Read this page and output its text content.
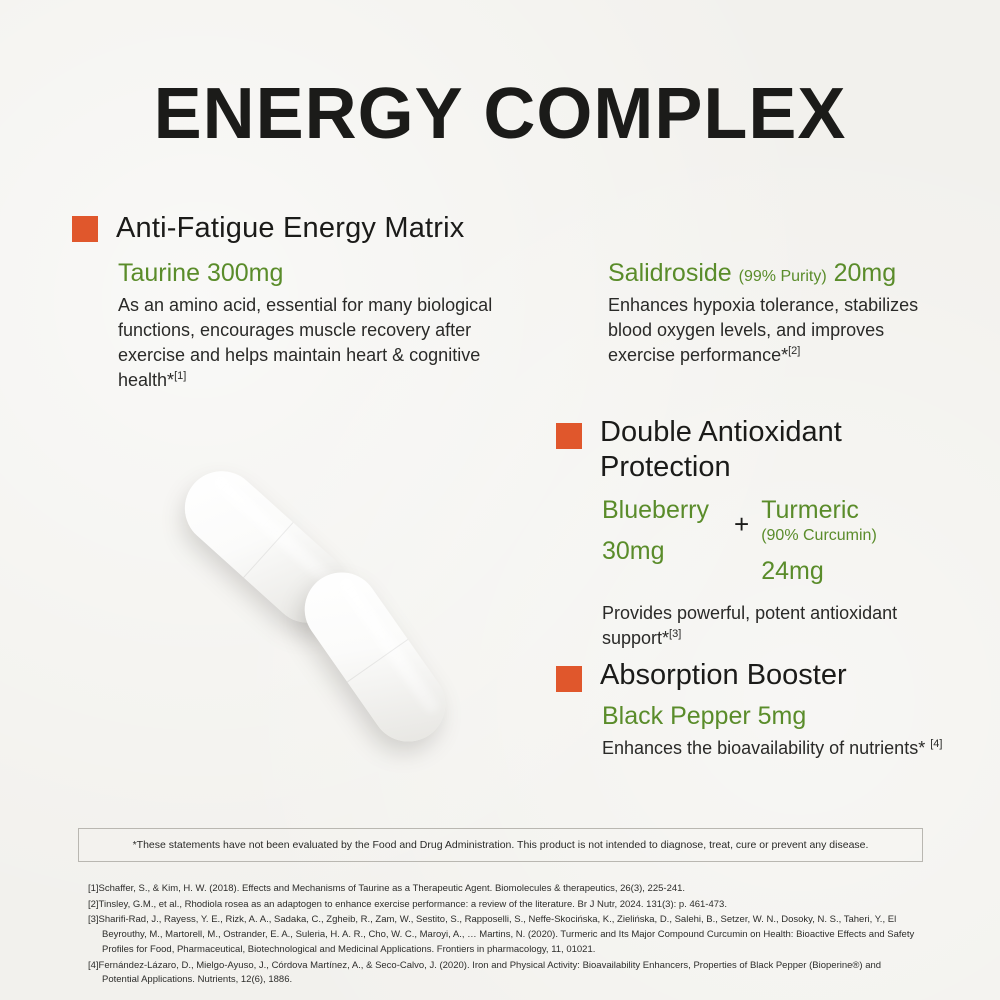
ENERGY COMPLEX
Anti-Fatigue Energy Matrix
Taurine 300mg
As an amino acid, essential for many biological functions, encourages muscle recovery after exercise and helps maintain heart & cognitive health*[1]
Salidroside (99% Purity) 20mg
Enhances hypoxia tolerance, stabilizes blood oxygen levels, and improves exercise performance*[2]
Double Antioxidant Protection
Blueberry
30mg
+ Turmeric
(90% Curcumin)
24mg
Provides powerful, potent antioxidant support*[3]
Absorption Booster
Black Pepper 5mg
Enhances the bioavailability of nutrients* [4]
*These statements have not been evaluated by the Food and Drug Administration. This product is not intended to diagnose, treat, cure or prevent any disease.

[1]Schaffer, S., & Kim, H. W. (2018). Effects and Mechanisms of Taurine as a Therapeutic Agent. Biomolecules & therapeutics, 26(3), 225-241.

[2]Tinsley, G.M., et al., Rhodiola rosea as an adaptogen to enhance exercise performance: a review of the literature. Br J Nutr, 2024. 131(3): p. 461-473.

[3]Sharifi-Rad, J., Rayess, Y. E., Rizk, A. A., Sadaka, C., Zgheib, R., Zam, W., Sestito, S., Rapposelli, S., Neffe-Skocińska, K., Zielińska, D., Salehi, B., Setzer, W. N., Dosoky, N. S., Taheri, Y., El Beyrouthy, M., Martorell, M., Ostrander, E. A., Suleria, H. A. R., Cho, W. C., Maroyi, A., … Martins, N. (2020). Turmeric and Its Major Compound Curcumin on Health: Bioactive Effects and Safety Profiles for Food, Pharmaceutical, Biotechnological and Medicinal Applications. Frontiers in pharmacology, 11, 01021.

[4]Fernández-Lázaro, D., Mielgo-Ayuso, J., Córdova Martínez, A., & Seco-Calvo, J. (2020). Iron and Physical Activity: Bioavailability Enhancers, Properties of Black Pepper (Bioperine®) and Potential Applications. Nutrients, 12(6), 1886.
